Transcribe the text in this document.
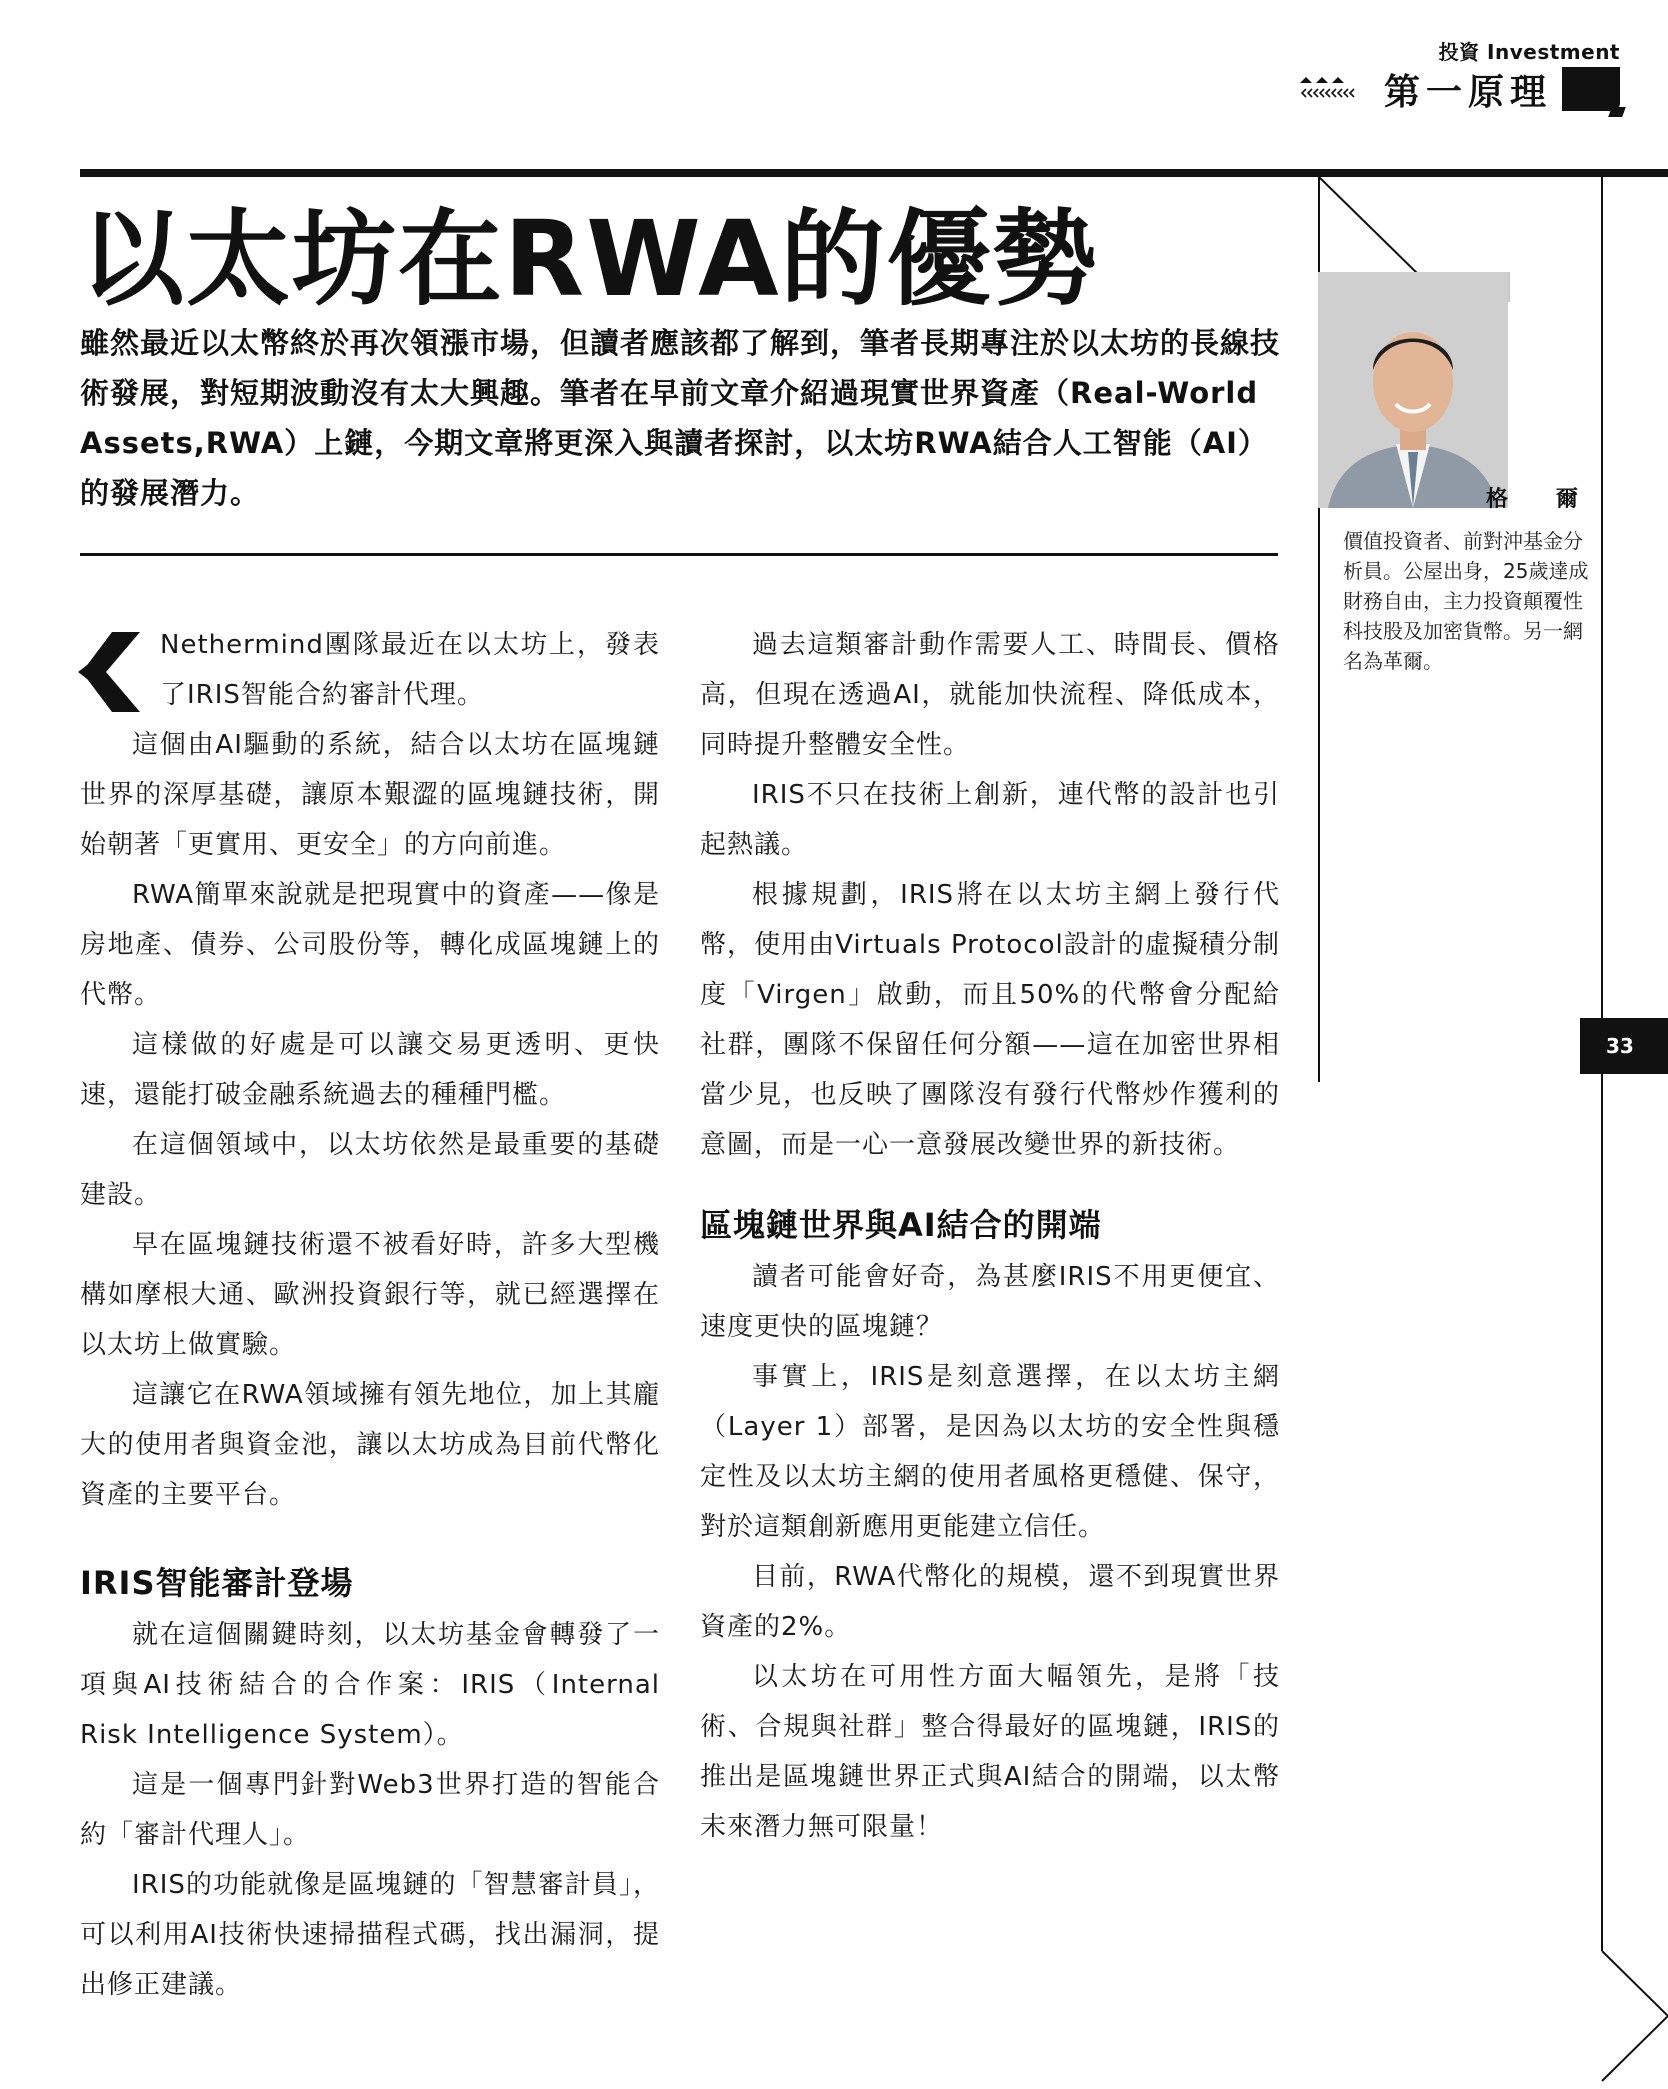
投資 Investment
第一原理
以太坊在RWA的優勢

雖然最近以太幣終於再次領漲市場，但讀者應該都了解到，筆者長期專注於以太坊的長線技術發展，對短期波動沒有太大興趣。筆者在早前文章介紹過現實世界資產（Real-World Assets,RWA）上鏈，今期文章將更深入與讀者探討，以太坊RWA結合人工智能（AI）的發展潛力。

Nethermind團隊最近在以太坊上，發表了IRIS智能合約審計代理。

這個由AI驅動的系統，結合以太坊在區塊鏈世界的深厚基礎，讓原本艱澀的區塊鏈技術，開始朝著「更實用、更安全」的方向前進。

RWA簡單來說就是把現實中的資產——像是房地產、債券、公司股份等，轉化成區塊鏈上的代幣。

這樣做的好處是可以讓交易更透明、更快速，還能打破金融系統過去的種種門檻。

在這個領域中，以太坊依然是最重要的基礎建設。

早在區塊鏈技術還不被看好時，許多大型機構如摩根大通、歐洲投資銀行等，就已經選擇在以太坊上做實驗。

這讓它在RWA領域擁有領先地位，加上其龐大的使用者與資金池，讓以太坊成為目前代幣化資產的主要平台。

IRIS智能審計登場

就在這個關鍵時刻，以太坊基金會轉發了一項與AI技術結合的合作案：IRIS（Internal Risk Intelligence System）。

這是一個專門針對Web3世界打造的智能合約「審計代理人」。

IRIS的功能就像是區塊鏈的「智慧審計員」，可以利用AI技術快速掃描程式碼，找出漏洞，提出修正建議。

過去這類審計動作需要人工、時間長、價格高，但現在透過AI，就能加快流程、降低成本，同時提升整體安全性。

IRIS不只在技術上創新，連代幣的設計也引起熱議。

根據規劃，IRIS將在以太坊主網上發行代幣，使用由Virtuals Protocol設計的虛擬積分制度「Virgen」啟動，而且50%的代幣會分配給社群，團隊不保留任何分額——這在加密世界相當少見，也反映了團隊沒有發行代幣炒作獲利的意圖，而是一心一意發展改變世界的新技術。

區塊鏈世界與AI結合的開端

讀者可能會好奇，為甚麼IRIS不用更便宜、速度更快的區塊鏈？

事實上，IRIS是刻意選擇，在以太坊主網（Layer 1）部署，是因為以太坊的安全性與穩定性及以太坊主網的使用者風格更穩健、保守，對於這類創新應用更能建立信任。

目前，RWA代幣化的規模，還不到現實世界資產的2%。

以太坊在可用性方面大幅領先，是將「技術、合規與社群」整合得最好的區塊鏈，IRIS的推出是區塊鏈世界正式與AI結合的開端，以太幣未來潛力無可限量！

格爾

價值投資者、前對沖基金分析員。公屋出身，25歲達成財務自由，主力投資顛覆性科技股及加密貨幣。另一網名為革爾。

33
